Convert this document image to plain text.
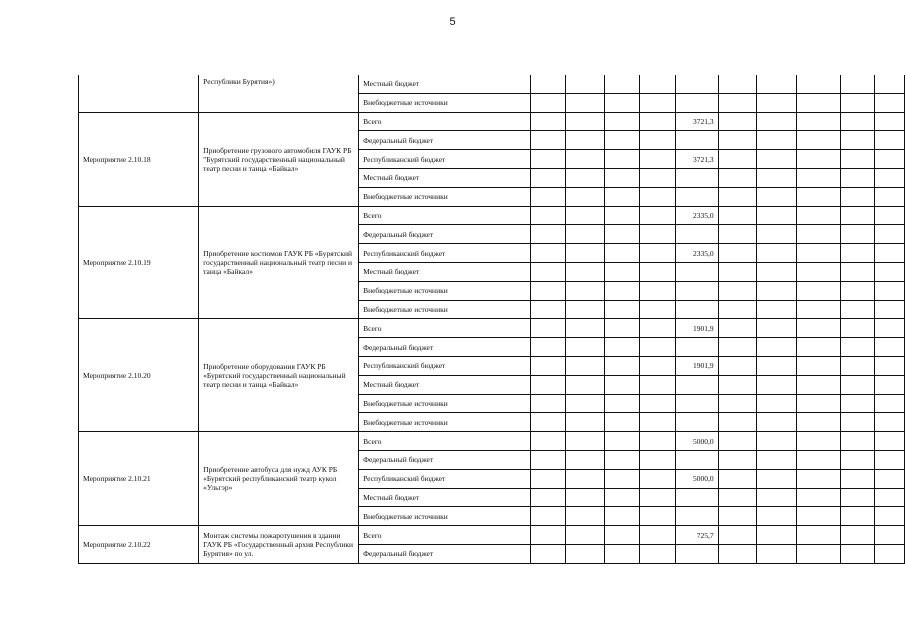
5
	Республики Бурятия»)	Местный бюджет										
		Внебюджетные источники										
Мероприятие 2.10.18	Приобретение грузового автомобиля ГАУК РБ "Бурятский государственный национальный театр песни и танца «Байкал»	Всего					3721,3					
		Федеральный бюджет										
		Республиканский бюджет					3721,3					
		Местный бюджет										
		Внебюджетные источники										
Мероприятие 2.10.19	Приобретение костюмов ГАУК РБ «Бурятский государственный национальный театр песни и танца «Байкал»	Всего					2335,0					
		Федеральный бюджет										
		Республиканский бюджет					2335,0					
		Местный бюджет										
		Внебюджетные источники										
		Внебюджетные источники										
Мероприятие 2.10.20	Приобретение оборудования ГАУК РБ «Бурятский государственный национальный театр песни и танца «Байкал»	Всего					1901,9					
		Федеральный бюджет										
		Республиканский бюджет					1901,9					
		Местный бюджет										
		Внебюджетные источники										
		Внебюджетные источники										
Мероприятие 2.10.21	Приобретение автобуса для нужд АУК РБ «Бурятский республиканский театр кукол «Ульгэр»	Всего					5000,0					
		Федеральный бюджет										
		Республиканский бюджет					5000,0					
		Местный бюджет										
		Внебюджетные источники										
Мероприятие 2.10.22	Монтаж системы пожаротушения в здании ГАУК РБ «Государственный архив Республики Бурятия» по ул.	Всего					725,7					
		Федеральный бюджет										
